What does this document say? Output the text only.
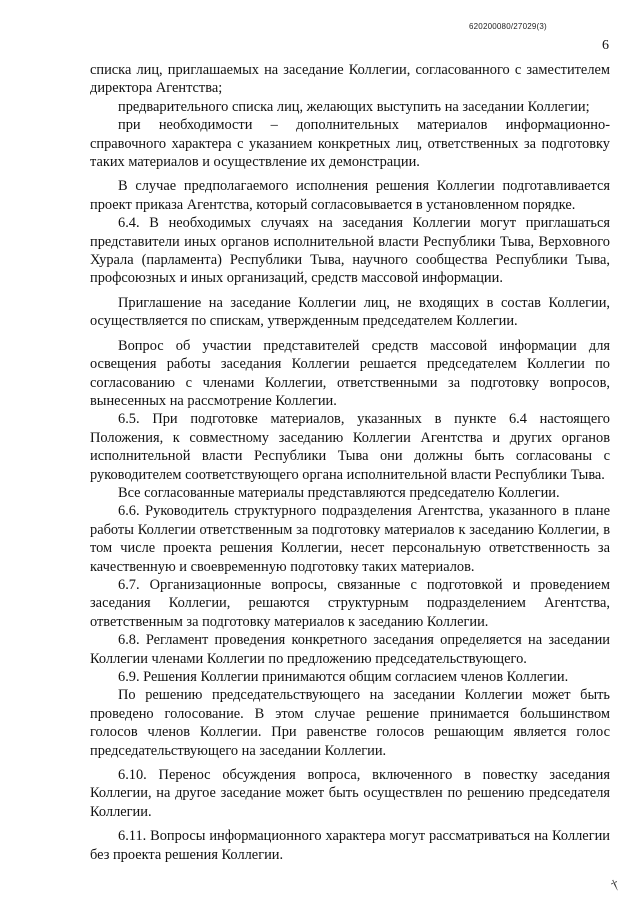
620200080/27029(3)
6

списка лиц, приглашаемых на заседание Коллегии, согласованного с заместителем директора Агентства;

предварительного списка лиц, желающих выступить на заседании Коллегии;

при необходимости – дополнительных материалов информационно-справочного характера с указанием конкретных лиц, ответственных за подготовку таких материалов и осуществление их демонстрации.

В случае предполагаемого исполнения решения Коллегии подготавливается проект приказа Агентства, который согласовывается в установленном порядке.

6.4. В необходимых случаях на заседания Коллегии могут приглашаться представители иных органов исполнительной власти Республики Тыва, Верховного Хурала (парламента) Республики Тыва, научного сообщества Республики Тыва, профсоюзных и иных организаций, средств массовой информации.

Приглашение на заседание Коллегии лиц, не входящих в состав Коллегии, осуществляется по спискам, утвержденным председателем Коллегии.

Вопрос об участии представителей средств массовой информации для освещения работы заседания Коллегии решается председателем Коллегии по согласованию с членами Коллегии, ответственными за подготовку вопросов, вынесенных на рассмотрение Коллегии.

6.5. При подготовке материалов, указанных в пункте 6.4 настоящего Положения, к совместному заседанию Коллегии Агентства и других органов исполнительной власти Республики Тыва они должны быть согласованы с руководителем соответствующего органа исполнительной власти Республики Тыва.

Все согласованные материалы представляются председателю Коллегии.

6.6. Руководитель структурного подразделения Агентства, указанного в плане работы Коллегии ответственным за подготовку материалов к заседанию Коллегии, в том числе проекта решения Коллегии, несет персональную ответственность за качественную и своевременную подготовку таких материалов.

6.7. Организационные вопросы, связанные с подготовкой и проведением заседания Коллегии, решаются структурным подразделением Агентства, ответственным за подготовку материалов к заседанию Коллегии.

6.8. Регламент проведения конкретного заседания определяется на заседании Коллегии членами Коллегии по предложению председательствующего.

6.9. Решения Коллегии принимаются общим согласием членов Коллегии.

По решению председательствующего на заседании Коллегии может быть проведено голосование. В этом случае решение принимается большинством голосов членов Коллегии. При равенстве голосов решающим является голос председательствующего на заседании Коллегии.

6.10. Перенос обсуждения вопроса, включенного в повестку заседания Коллегии, на другое заседание может быть осуществлен по решению председателя Коллегии.

6.11. Вопросы информационного характера могут рассматриваться на Коллегии без проекта решения Коллегии.

†
